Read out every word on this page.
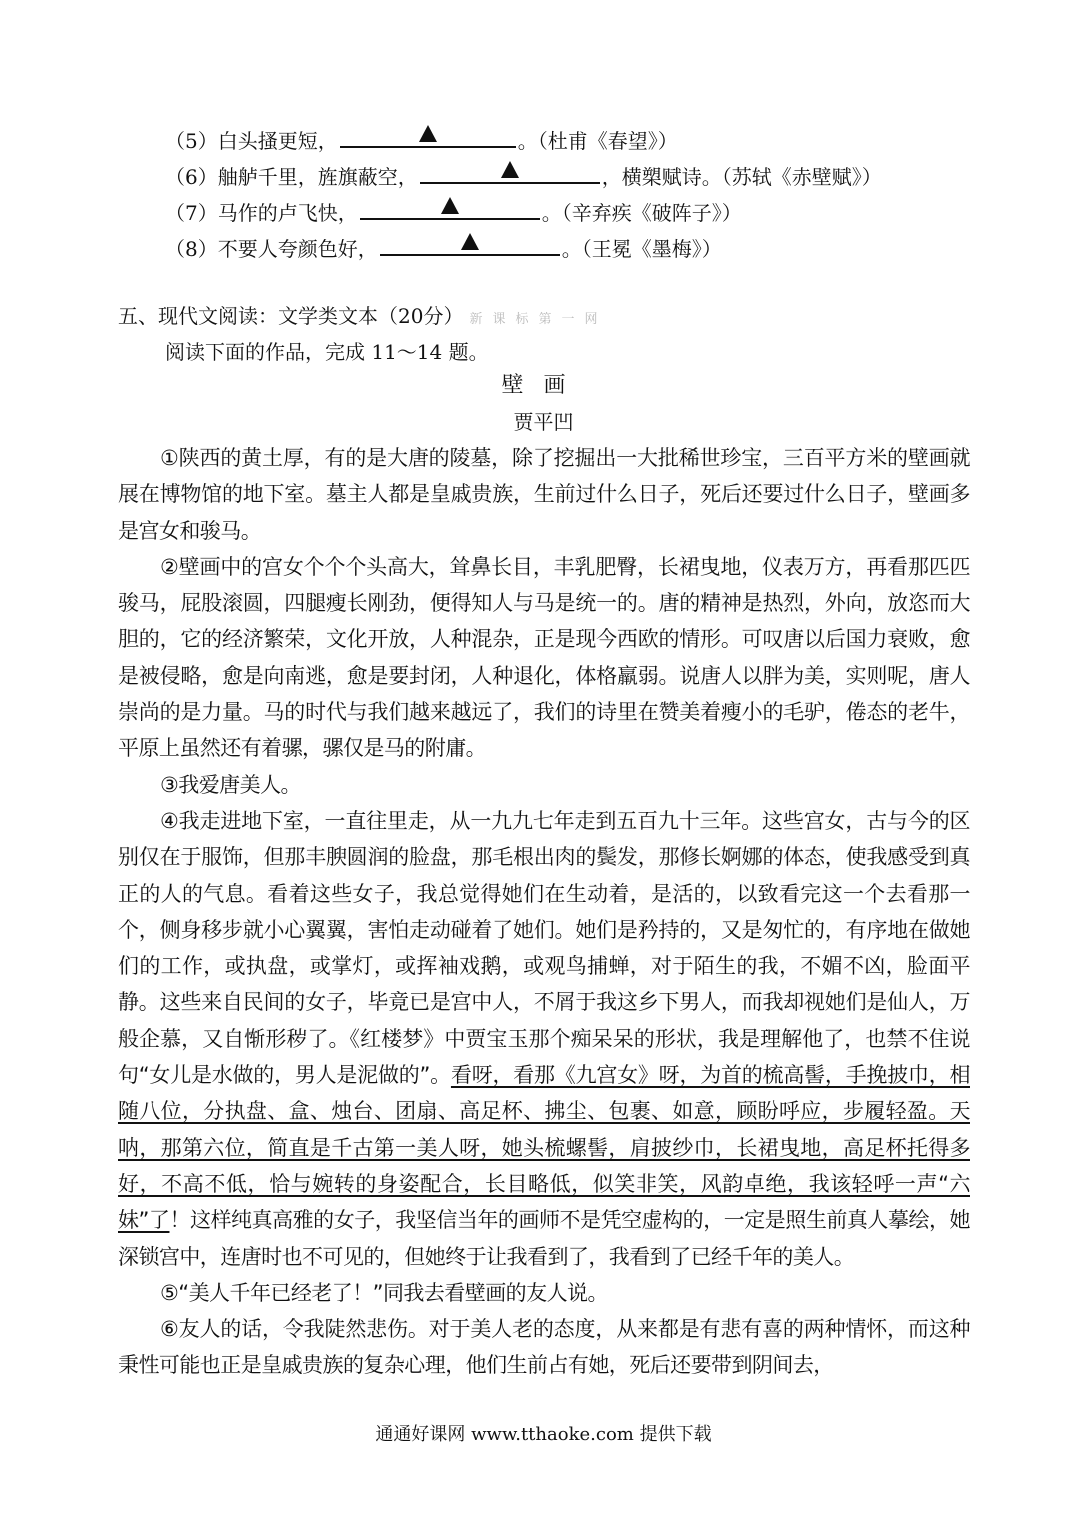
（5）白头搔更短，	。（杜甫《春望》）
（6）舳舻千里，旌旗蔽空，	，横槊赋诗。（苏轼《赤壁赋》）
（7）马作的卢飞快，	。（辛弃疾《破阵子》）
（8）不要人夸颜色好，	。（王冕《墨梅》）
五、现代文阅读：文学类文本（20分） 新课标第一网
阅读下面的作品，完成 11～14 题。
壁画
贾平凹

①陕西的黄土厚，有的是大唐的陵墓，除了挖掘出一大批稀世珍宝，三百平方米的壁画就展在博物馆的地下室。墓主人都是皇戚贵族，生前过什么日子，死后还要过什么日子，壁画多是宫女和骏马。

②壁画中的宫女个个个头高大，耸鼻长目，丰乳肥臀，长裙曳地，仪表万方，再看那匹匹骏马，屁股滚圆，四腿瘦长刚劲，便得知人与马是统一的。唐的精神是热烈，外向，放恣而大胆的，它的经济繁荣，文化开放，人种混杂，正是现今西欧的情形。可叹唐以后国力衰败，愈是被侵略，愈是向南逃，愈是要封闭，人种退化，体格羸弱。说唐人以胖为美，实则呢，唐人崇尚的是力量。马的时代与我们越来越远了，我们的诗里在赞美着瘦小的毛驴，倦态的老牛，平原上虽然还有着骡，骡仅是马的附庸。

③我爱唐美人。

④我走进地下室，一直往里走，从一九九七年走到五百九十三年。这些宫女，古与今的区别仅在于服饰，但那丰腴圆润的脸盘，那毛根出肉的鬓发，那修长婀娜的体态，使我感受到真正的人的气息。看着这些女子，我总觉得她们在生动着，是活的，以致看完这一个去看那一个，侧身移步就小心翼翼，害怕走动碰着了她们。她们是矜持的，又是匆忙的，有序地在做她们的工作，或执盘，或掌灯，或挥袖戏鹅，或观鸟捕蝉，对于陌生的我，不媚不凶，脸面平静。这些来自民间的女子，毕竟已是宫中人，不屑于我这乡下男人，而我却视她们是仙人，万般企慕，又自惭形秽了。《红楼梦》中贾宝玉那个痴呆呆的形状，我是理解他了，也禁不住说句“女儿是水做的，男人是泥做的”。看呀，看那《九宫女》呀，为首的梳高髻，手挽披巾，相随八位，分执盘、盒、烛台、团扇、高足杯、拂尘、包裹、如意，顾盼呼应，步履轻盈。天呐，那第六位，简直是千古第一美人呀，她头梳螺髻，肩披纱巾，长裙曳地，高足杯托得多好，不高不低，恰与婉转的身姿配合，长目略低，似笑非笑，风韵卓绝，我该轻呼一声“六妹”了！这样纯真高雅的女子，我坚信当年的画师不是凭空虚构的，一定是照生前真人摹绘，她深锁宫中，连唐时也不可见的，但她终于让我看到了，我看到了已经千年的美人。

⑤“美人千年已经老了！”同我去看壁画的友人说。

⑥友人的话，令我陡然悲伤。对于美人老的态度，从来都是有悲有喜的两种情怀，而这种秉性可能也正是皇戚贵族的复杂心理，他们生前占有她，死后还要带到阴间去，

通通好课网 www.tthaoke.com 提供下载
